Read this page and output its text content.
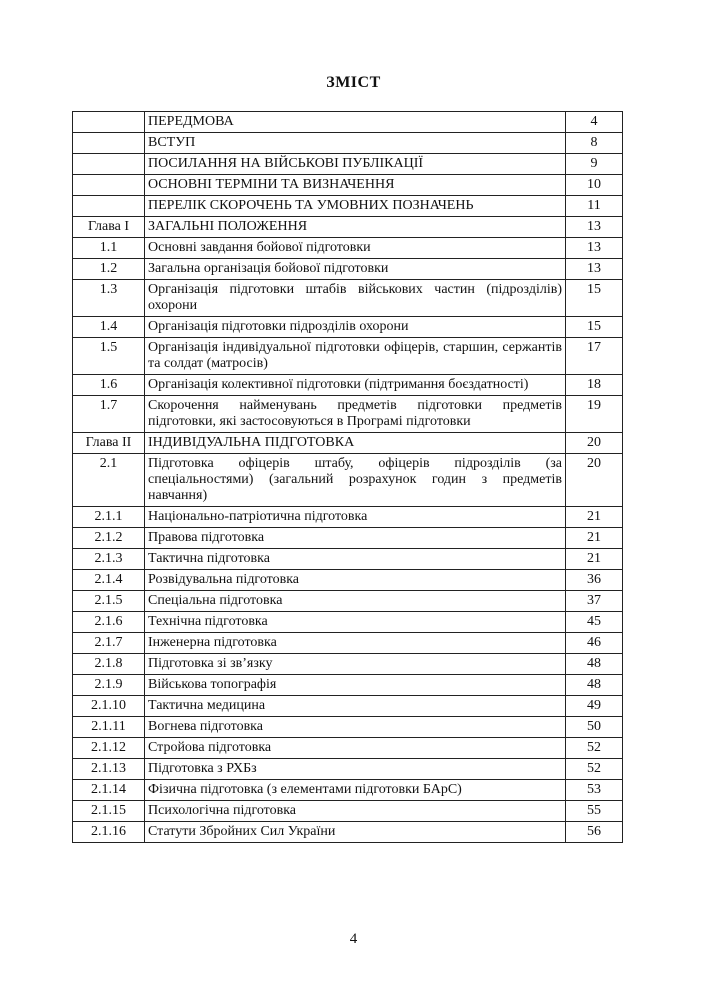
ЗМІСТ
	ПЕРЕДМОВА	4
	ВСТУП	8
	ПОСИЛАННЯ НА ВІЙСЬКОВІ ПУБЛІКАЦІЇ	9
	ОСНОВНІ ТЕРМІНИ ТА ВИЗНАЧЕННЯ	10
	ПЕРЕЛІК СКОРОЧЕНЬ ТА УМОВНИХ ПОЗНАЧЕНЬ	11
Глава I	ЗАГАЛЬНІ ПОЛОЖЕННЯ	13
1.1	Основні завдання бойової підготовки	13
1.2	Загальна організація бойової підготовки	13
1.3	Організація підготовки штабів військових частин (підрозділів) охорони	15
1.4	Організація підготовки підрозділів охорони	15
1.5	Організація індивідуальної підготовки офіцерів, старшин, сержантів та солдат (матросів)	17
1.6	Організація колективної підготовки (підтримання боєздатності)	18
1.7	Скорочення найменувань предметів підготовки предметів підготовки, які застосовуються в Програмі підготовки	19
Глава II	ІНДИВІДУАЛЬНА ПІДГОТОВКА	20
2.1	Підготовка офіцерів штабу, офіцерів підрозділів (за спеціальностями) (загальний розрахунок годин з предметів навчання)	20
2.1.1	Національно-патріотична підготовка	21
2.1.2	Правова підготовка	21
2.1.3	Тактична підготовка	21
2.1.4	Розвідувальна підготовка	36
2.1.5	Спеціальна підготовка	37
2.1.6	Технічна підготовка	45
2.1.7	Інженерна підготовка	46
2.1.8	Підготовка зі зв’язку	48
2.1.9	Військова топографія	48
2.1.10	Тактична медицина	49
2.1.11	Вогнева підготовка	50
2.1.12	Стройова підготовка	52
2.1.13	Підготовка з РХБз	52
2.1.14	Фізична підготовка (з елементами підготовки БАрС)	53
2.1.15	Психологічна підготовка	55
2.1.16	Статути Збройних Сил України	56
4
